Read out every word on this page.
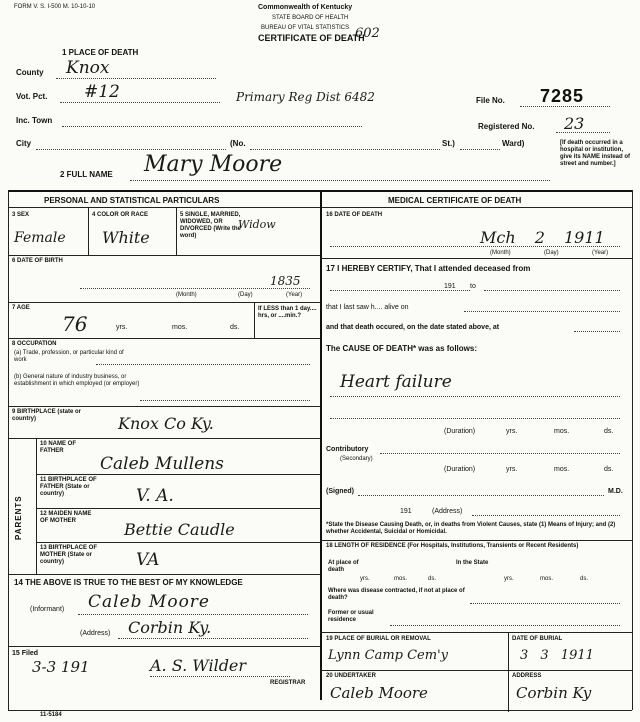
FORM V. S. I-500 M. 10-10-10	Commonwealth of Kentucky
STATE BOARD OF HEALTH
BUREAU OF VITAL STATISTICS
CERTIFICATE OF DEATH
602
1 PLACE OF DEATH
County Knox
Vot. Pct. #12	Primary Reg Dist 6482
Inc. Town
City	(No.	St.)	Ward)
File No. 7285
Registered No. 23
[If death occurred in a hospital or institution, give its NAME instead of street and number.]
2 FULL NAME Mary Moore
PERSONAL AND STATISTICAL PARTICULARS	MEDICAL CERTIFICATE OF DEATH
3 SEX
Female
4 COLOR OR RACE
White
5 SINGLE, MARRIED, WIDOWED, OR DIVORCED (Write the word)
Widow
6 DATE OF BIRTH
1835
(Month)	(Day)	(Year)
7 AGE
76	yrs.	mos.	ds.
If LESS than 1 day.... hrs, or ....min.?
8 OCCUPATION
(a) Trade, profession, or particular kind of work
(b) General nature of industry business, or establishment in which employed (or employer)
9 BIRTHPLACE (state or country)	Knox Co Ky.
PARENTS
10 NAME OF FATHER
Caleb Mullens
11 BIRTHPLACE OF FATHER (State or country)	V. A.
12 MAIDEN NAME OF MOTHER	Bettie Caudle
13 BIRTHPLACE OF MOTHER (State or country)	VA
14 THE ABOVE IS TRUE TO THE BEST OF MY KNOWLEDGE
(Informant) Caleb Moore
(Address) Corbin Ky.
15 Filed
3-3 191	A. S. Wilder
REGISTRAR
16 DATE OF DEATH
Mch 2 1911
(Month)	(Day)	(Year)
17 I HEREBY CERTIFY, That I attended deceased from
191 to
that I last saw h.... alive on
and that death occured, on the date stated above, at
The CAUSE OF DEATH* was as follows:
Heart failure
(Duration)	yrs.	mos.	ds.
Contributory
(Secondary)
(Duration)	yrs.	mos.	ds.
(Signed)	M.D.
191	(Address)
*State the Disease Causing Death, or, in deaths from Violent Causes, state (1) Means of Injury; and (2) whether Accidental, Suicidal or Homicidal.
18 LENGTH OF RESIDENCE (For Hospitals, Institutions, Transients or Recent Residents)
At place of death
yrs.	mos.	ds.
In the State
yrs.	mos.	ds.
Where was disease contracted, if not at place of death?
Former or usual residence
19 PLACE OF BURIAL OR REMOVAL
Lynn Camp Cem'y
DATE OF BURIAL
3 3 1911
20 UNDERTAKER
Caleb Moore
ADDRESS
Corbin Ky
11-5184
